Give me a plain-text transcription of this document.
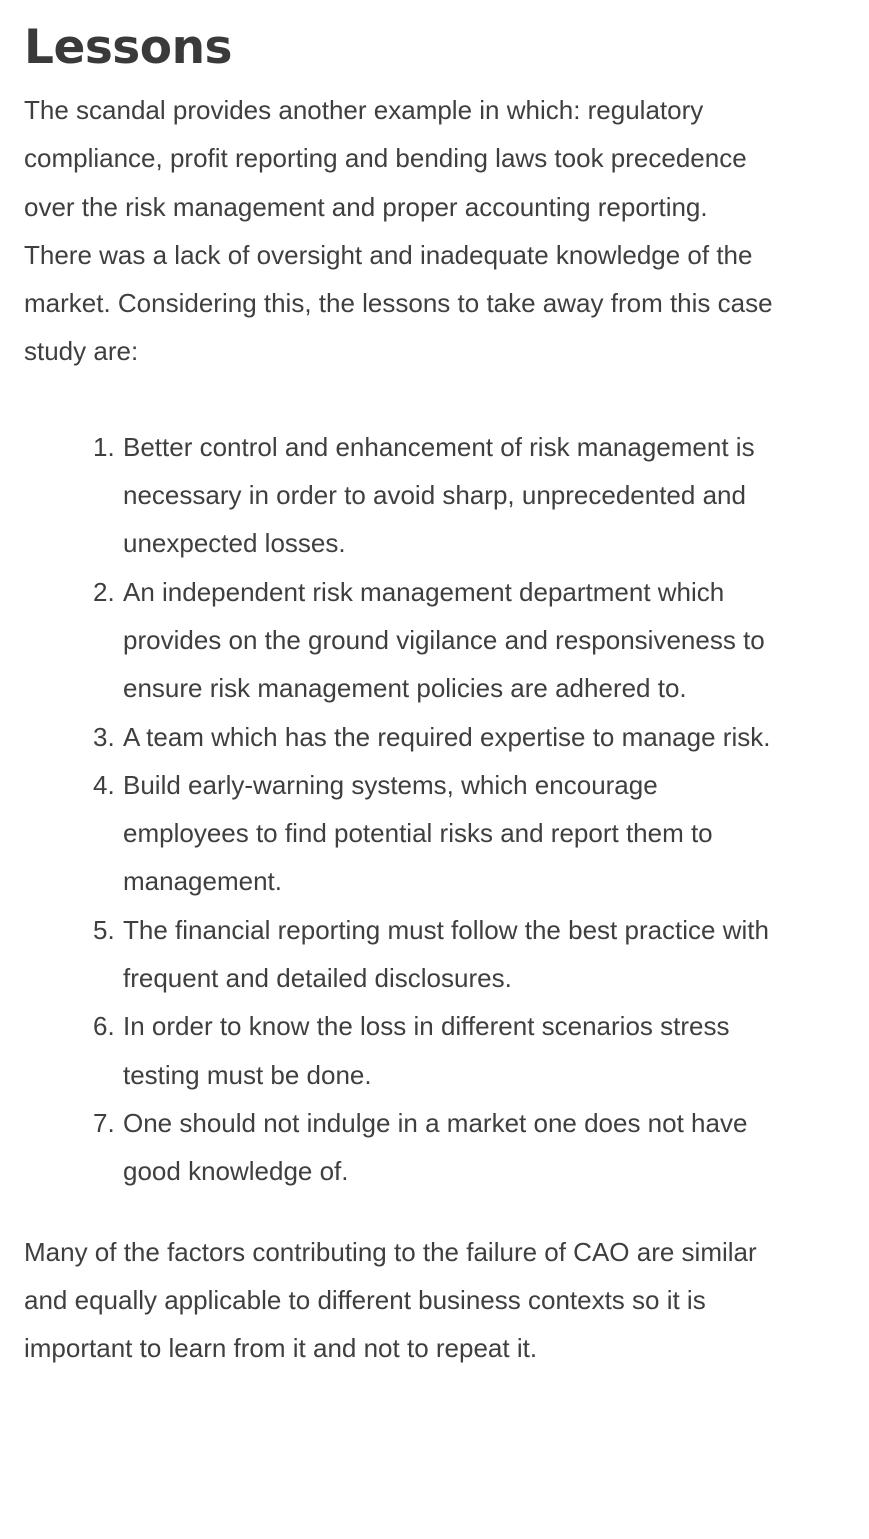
Lessons

The scandal provides another example in which: regulatory compliance, profit reporting and bending laws took precedence over the risk management and proper accounting reporting. There was a lack of oversight and inadequate knowledge of the market. Considering this, the lessons to take away from this case study are:

1. Better control and enhancement of risk management is necessary in order to avoid sharp, unprecedented and unexpected losses.
2. An independent risk management department which provides on the ground vigilance and responsiveness to ensure risk management policies are adhered to.
3. A team which has the required expertise to manage risk.
4. Build early-warning systems, which encourage employees to find potential risks and report them to management.
5. The financial reporting must follow the best practice with frequent and detailed disclosures.
6. In order to know the loss in different scenarios stress testing must be done.
7. One should not indulge in a market one does not have good knowledge of.

Many of the factors contributing to the failure of CAO are similar and equally applicable to different business contexts so it is important to learn from it and not to repeat it.
